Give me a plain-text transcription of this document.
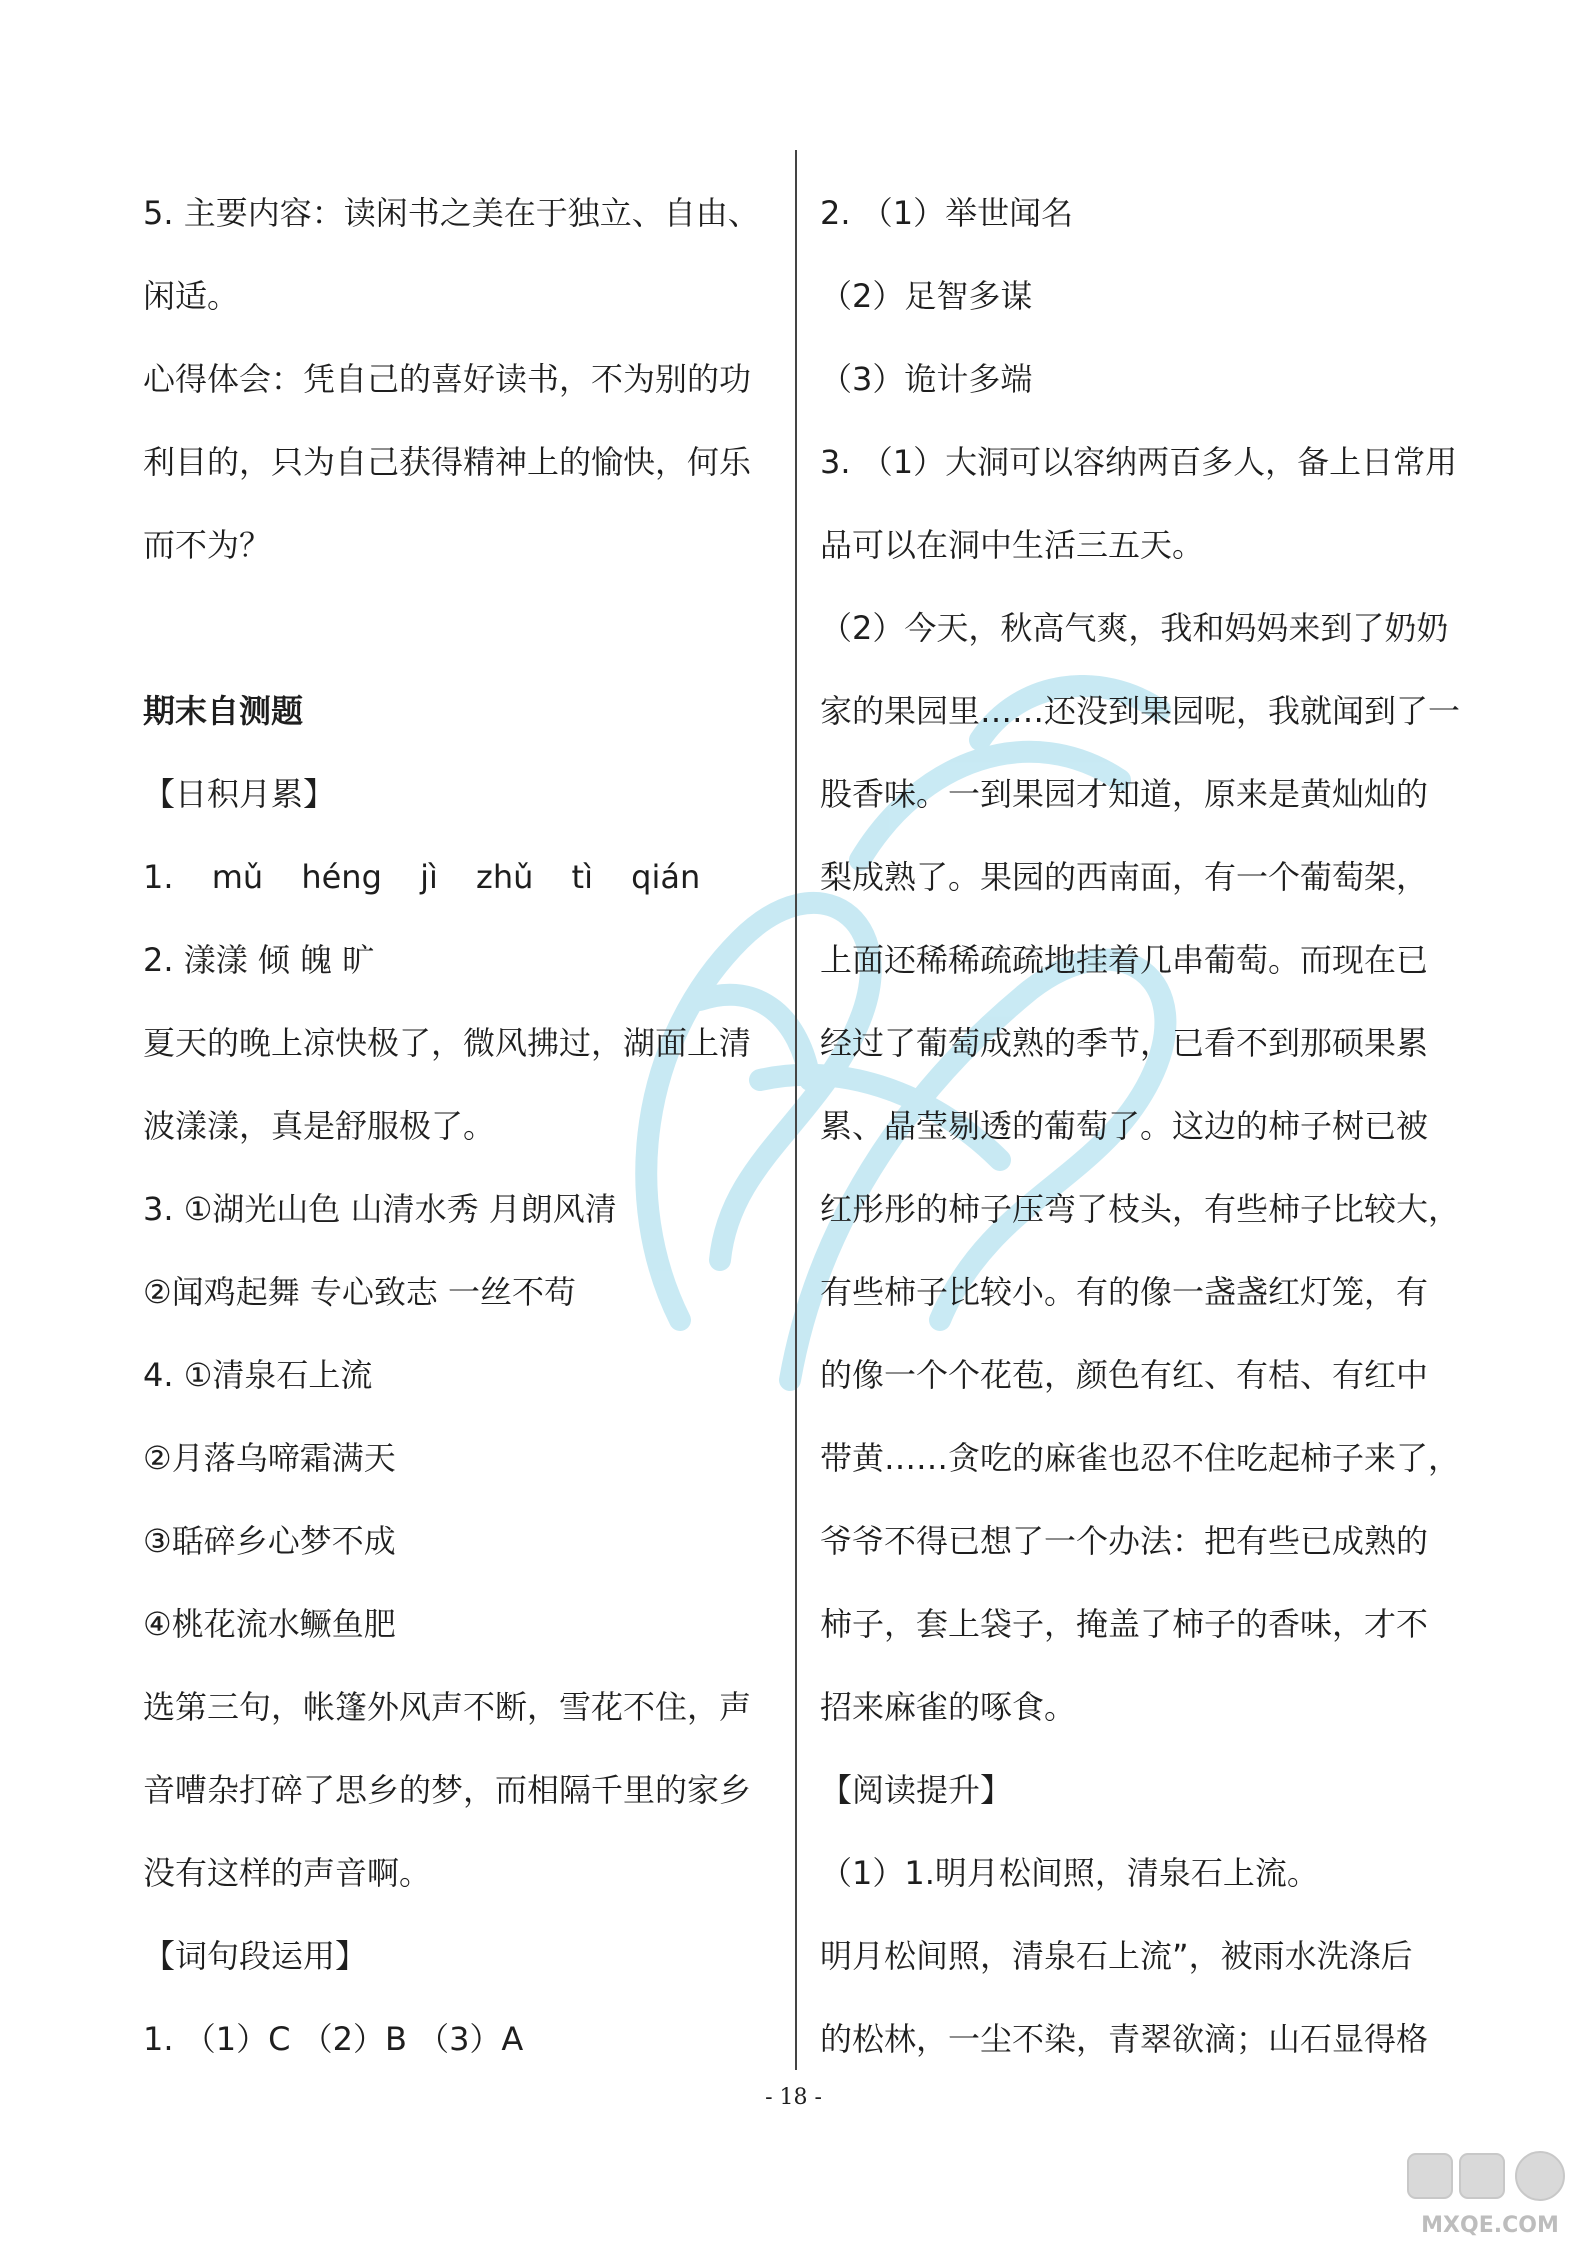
5. 主要内容：读闲书之美在于独立、自由、
闲适。
心得体会：凭自己的喜好读书，不为别的功
利目的，只为自己获得精神上的愉快，何乐
而不为？
期末自测题
【日积月累】
1. mǔ héng jì zhǔ tì qián
2. 漾漾 倾 魄 旷
夏天的晚上凉快极了，微风拂过，湖面上清
波漾漾，真是舒服极了。
3. ①湖光山色 山清水秀 月朗风清
②闻鸡起舞 专心致志 一丝不苟
4. ①清泉石上流
②月落乌啼霜满天
③聒碎乡心梦不成
④桃花流水鳜鱼肥
选第三句，帐篷外风声不断，雪花不住，声
音嘈杂打碎了思乡的梦，而相隔千里的家乡
没有这样的声音啊。
【词句段运用】
1. （1）C （2）B （3）A
2. （1）举世闻名
（2）足智多谋
（3）诡计多端
3. （1）大洞可以容纳两百多人，备上日常用
品可以在洞中生活三五天。
（2）今天，秋高气爽，我和妈妈来到了奶奶
家的果园里……还没到果园呢，我就闻到了一
股香味。一到果园才知道，原来是黄灿灿的
梨成熟了。果园的西南面，有一个葡萄架，
上面还稀稀疏疏地挂着几串葡萄。而现在已
经过了葡萄成熟的季节，已看不到那硕果累
累、晶莹剔透的葡萄了。这边的柿子树已被
红彤彤的柿子压弯了枝头，有些柿子比较大，
有些柿子比较小。有的像一盏盏红灯笼，有
的像一个个花苞，颜色有红、有桔、有红中
带黄……贪吃的麻雀也忍不住吃起柿子来了，
爷爷不得已想了一个办法：把有些已成熟的
柿子，套上袋子，掩盖了柿子的香味，才不
招来麻雀的啄食。
【阅读提升】
（1）1.明月松间照，清泉石上流。
明月松间照，清泉石上流”，被雨水洗涤后
的松林，一尘不染，青翠欲滴；山石显得格
- 18 -
MXQE.COM
